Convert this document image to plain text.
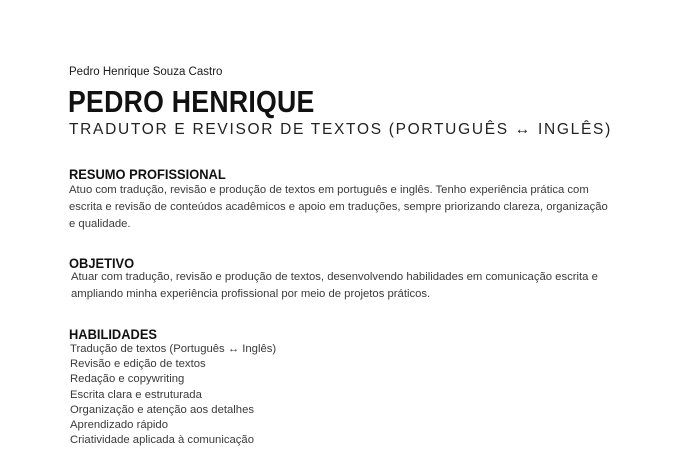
Pedro Henrique Souza Castro
PEDRO HENRIQUE
TRADUTOR E REVISOR DE TEXTOS (PORTUGUÊS ↔ INGLÊS)
RESUMO PROFISSIONAL
Atuo com tradução, revisão e produção de textos em português e inglês. Tenho experiência prática com
escrita e revisão de conteúdos acadêmicos e apoio em traduções, sempre priorizando clareza, organização
e qualidade.
OBJETIVO
Atuar com tradução, revisão e produção de textos, desenvolvendo habilidades em comunicação escrita e
ampliando minha experiência profissional por meio de projetos práticos.
HABILIDADES
Tradução de textos (Português ↔ Inglês)
Revisão e edição de textos
Redação e copywriting
Escrita clara e estruturada
Organização e atenção aos detalhes
Aprendizado rápido
Criatividade aplicada à comunicação
